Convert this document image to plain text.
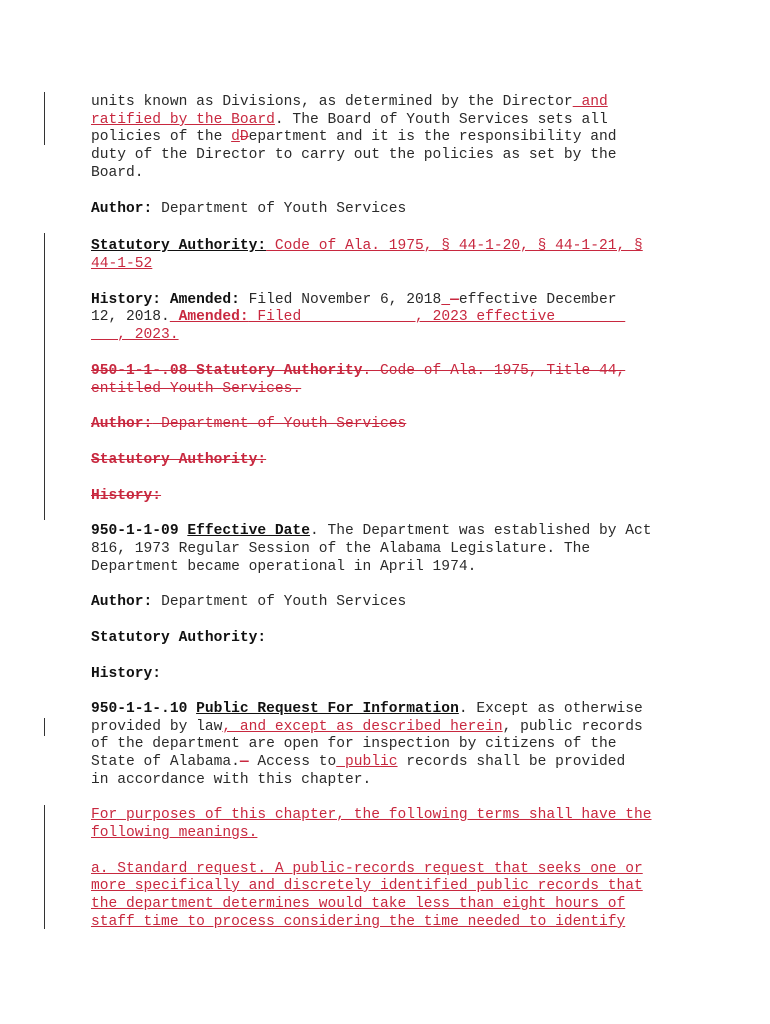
units known as Divisions, as determined by the Director and
ratified by the Board. The Board of Youth Services sets all
policies of the dDepartment and it is the responsibility and
duty of the Director to carry out the policies as set by the
Board.
Author: Department of Youth Services
Statutory Authority: Code of Ala. 1975, § 44-1-20, § 44-1-21, §
44-1-52
History: Amended: Filed November 6, 2018 —effective December
12, 2018. Amended: Filed             , 2023 effective
, 2023.
950-1-1-.08 Statutory Authority. Code of Ala. 1975, Title 44,
entitled Youth Services.
Author: Department of Youth Services
Statutory Authority:
History:
950-1-1-09 Effective Date. The Department was established by Act
816, 1973 Regular Session of the Alabama Legislature. The
Department became operational in April 1974.
Author: Department of Youth Services
Statutory Authority:
History:
950-1-1-.10 Public Request For Information. Except as otherwise
provided by law, and except as described herein, public records
of the department are open for inspection by citizens of the
State of Alabama.— Access to public records shall be provided
in accordance with this chapter.
For purposes of this chapter, the following terms shall have the
following meanings.
a. Standard request. A public-records request that seeks one or
more specifically and discretely identified public records that
the department determines would take less than eight hours of
staff time to process considering the time needed to identify
